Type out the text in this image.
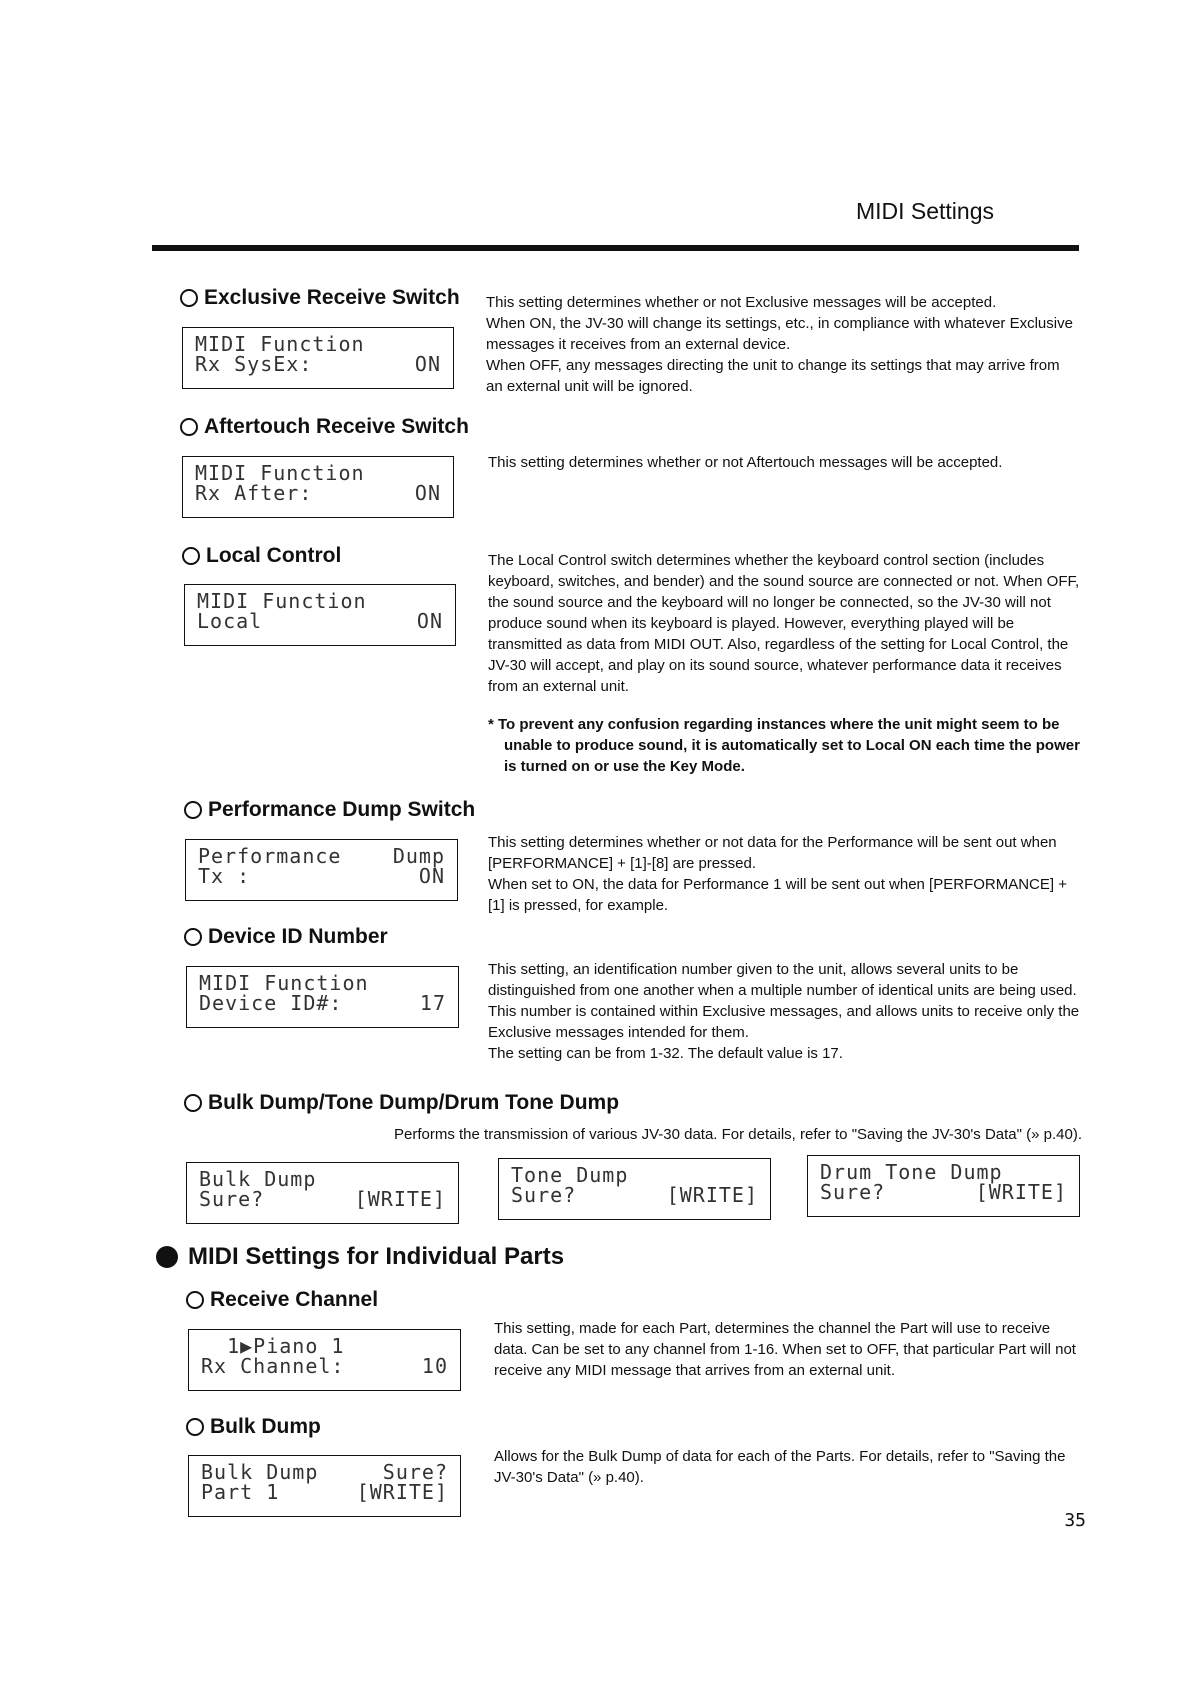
MIDI Settings
Exclusive Receive Switch
MIDI Function
Rx SysEx:	ON

This setting determines whether or not Exclusive messages will be accepted.

When ON, the JV-30 will change its settings, etc., in compliance with whatever Exclusive messages it receives from an external device.

When OFF, any messages directing the unit to change its settings that may arrive from an external unit will be ignored.

Aftertouch Receive Switch
MIDI Function
Rx After:	ON

This setting determines whether or not Aftertouch messages will be accepted.

Local Control
MIDI Function
Local	ON

The Local Control switch determines whether the keyboard control section (includes keyboard, switches, and bender) and the sound source are connected or not. When OFF, the sound source and the keyboard will no longer be connected, so the JV-30 will not produce sound when its keyboard is played. However, everything played will be transmitted as data from MIDI OUT. Also, regardless of the setting for Local Control, the JV-30 will accept, and play on its sound source, whatever performance data it receives from an external unit.

* To prevent any confusion regarding instances where the unit might seem to be unable to produce sound, it is automatically set to Local ON each time the power is turned on or use the Key Mode.
Performance Dump Switch
Performance	Dump
Tx :	ON

This setting determines whether or not data for the Performance will be sent out when [PERFORMANCE] + [1]-[8] are pressed.

When set to ON, the data for Performance 1 will be sent out when [PERFORMANCE] + [1] is pressed, for example.

Device ID Number
MIDI Function
Device ID#:	17

This setting, an identification number given to the unit, allows several units to be distinguished from one another when a multiple number of identical units are being used. This number is contained within Exclusive messages, and allows units to receive only the Exclusive messages intended for them.

The setting can be from 1-32. The default value is 17.

Bulk Dump/Tone Dump/Drum Tone Dump
Performs the transmission of various JV-30 data. For details, refer to "Saving the JV-30's Data" (» p.40).
Bulk Dump
Sure?	[WRITE]
Tone Dump
Sure?	[WRITE]
Drum Tone Dump
Sure?	[WRITE]
MIDI Settings for Individual Parts
Receive Channel
1▶Piano 1
Rx Channel:	10

This setting, made for each Part, determines the channel the Part will use to receive data. Can be set to any channel from 1-16. When set to OFF, that particular Part will not receive any MIDI message that arrives from an external unit.

Bulk Dump
Bulk Dump	Sure?
Part 1	[WRITE]

Allows for the Bulk Dump of data for each of the Parts. For details, refer to "Saving the JV-30's Data" (» p.40).

35
